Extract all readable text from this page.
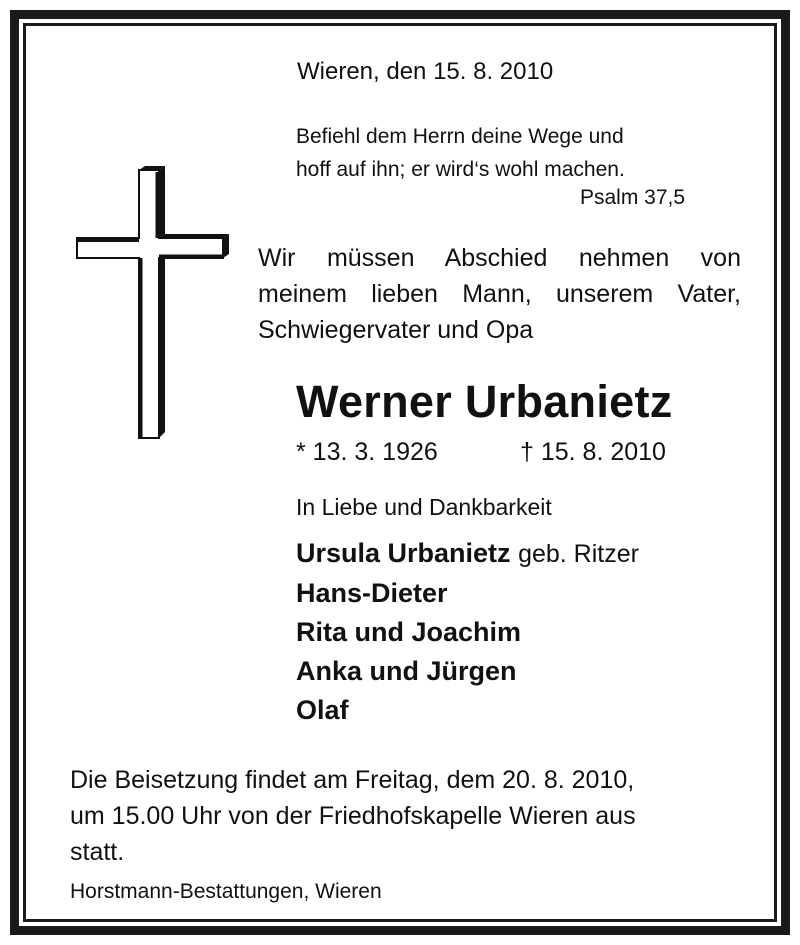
Wieren, den 15. 8. 2010
Befiehl dem Herrn deine Wege und
hoff auf ihn; er wird‘s wohl machen.
Psalm 37,5
Wir müssen Abschied nehmen von
meinem lieben Mann, unserem Vater,
Schwiegervater und Opa
Werner Urbanietz
* 13. 3. 1926	† 15. 8. 2010
In Liebe und Dankbarkeit
Ursula Urbanietz geb. Ritzer
Hans-Dieter
Rita und Joachim
Anka und Jürgen
Olaf
Die Beisetzung findet am Freitag, dem 20. 8. 2010,
um 15.00 Uhr von der Friedhofskapelle Wieren aus
statt.
Horstmann-Bestattungen, Wieren
